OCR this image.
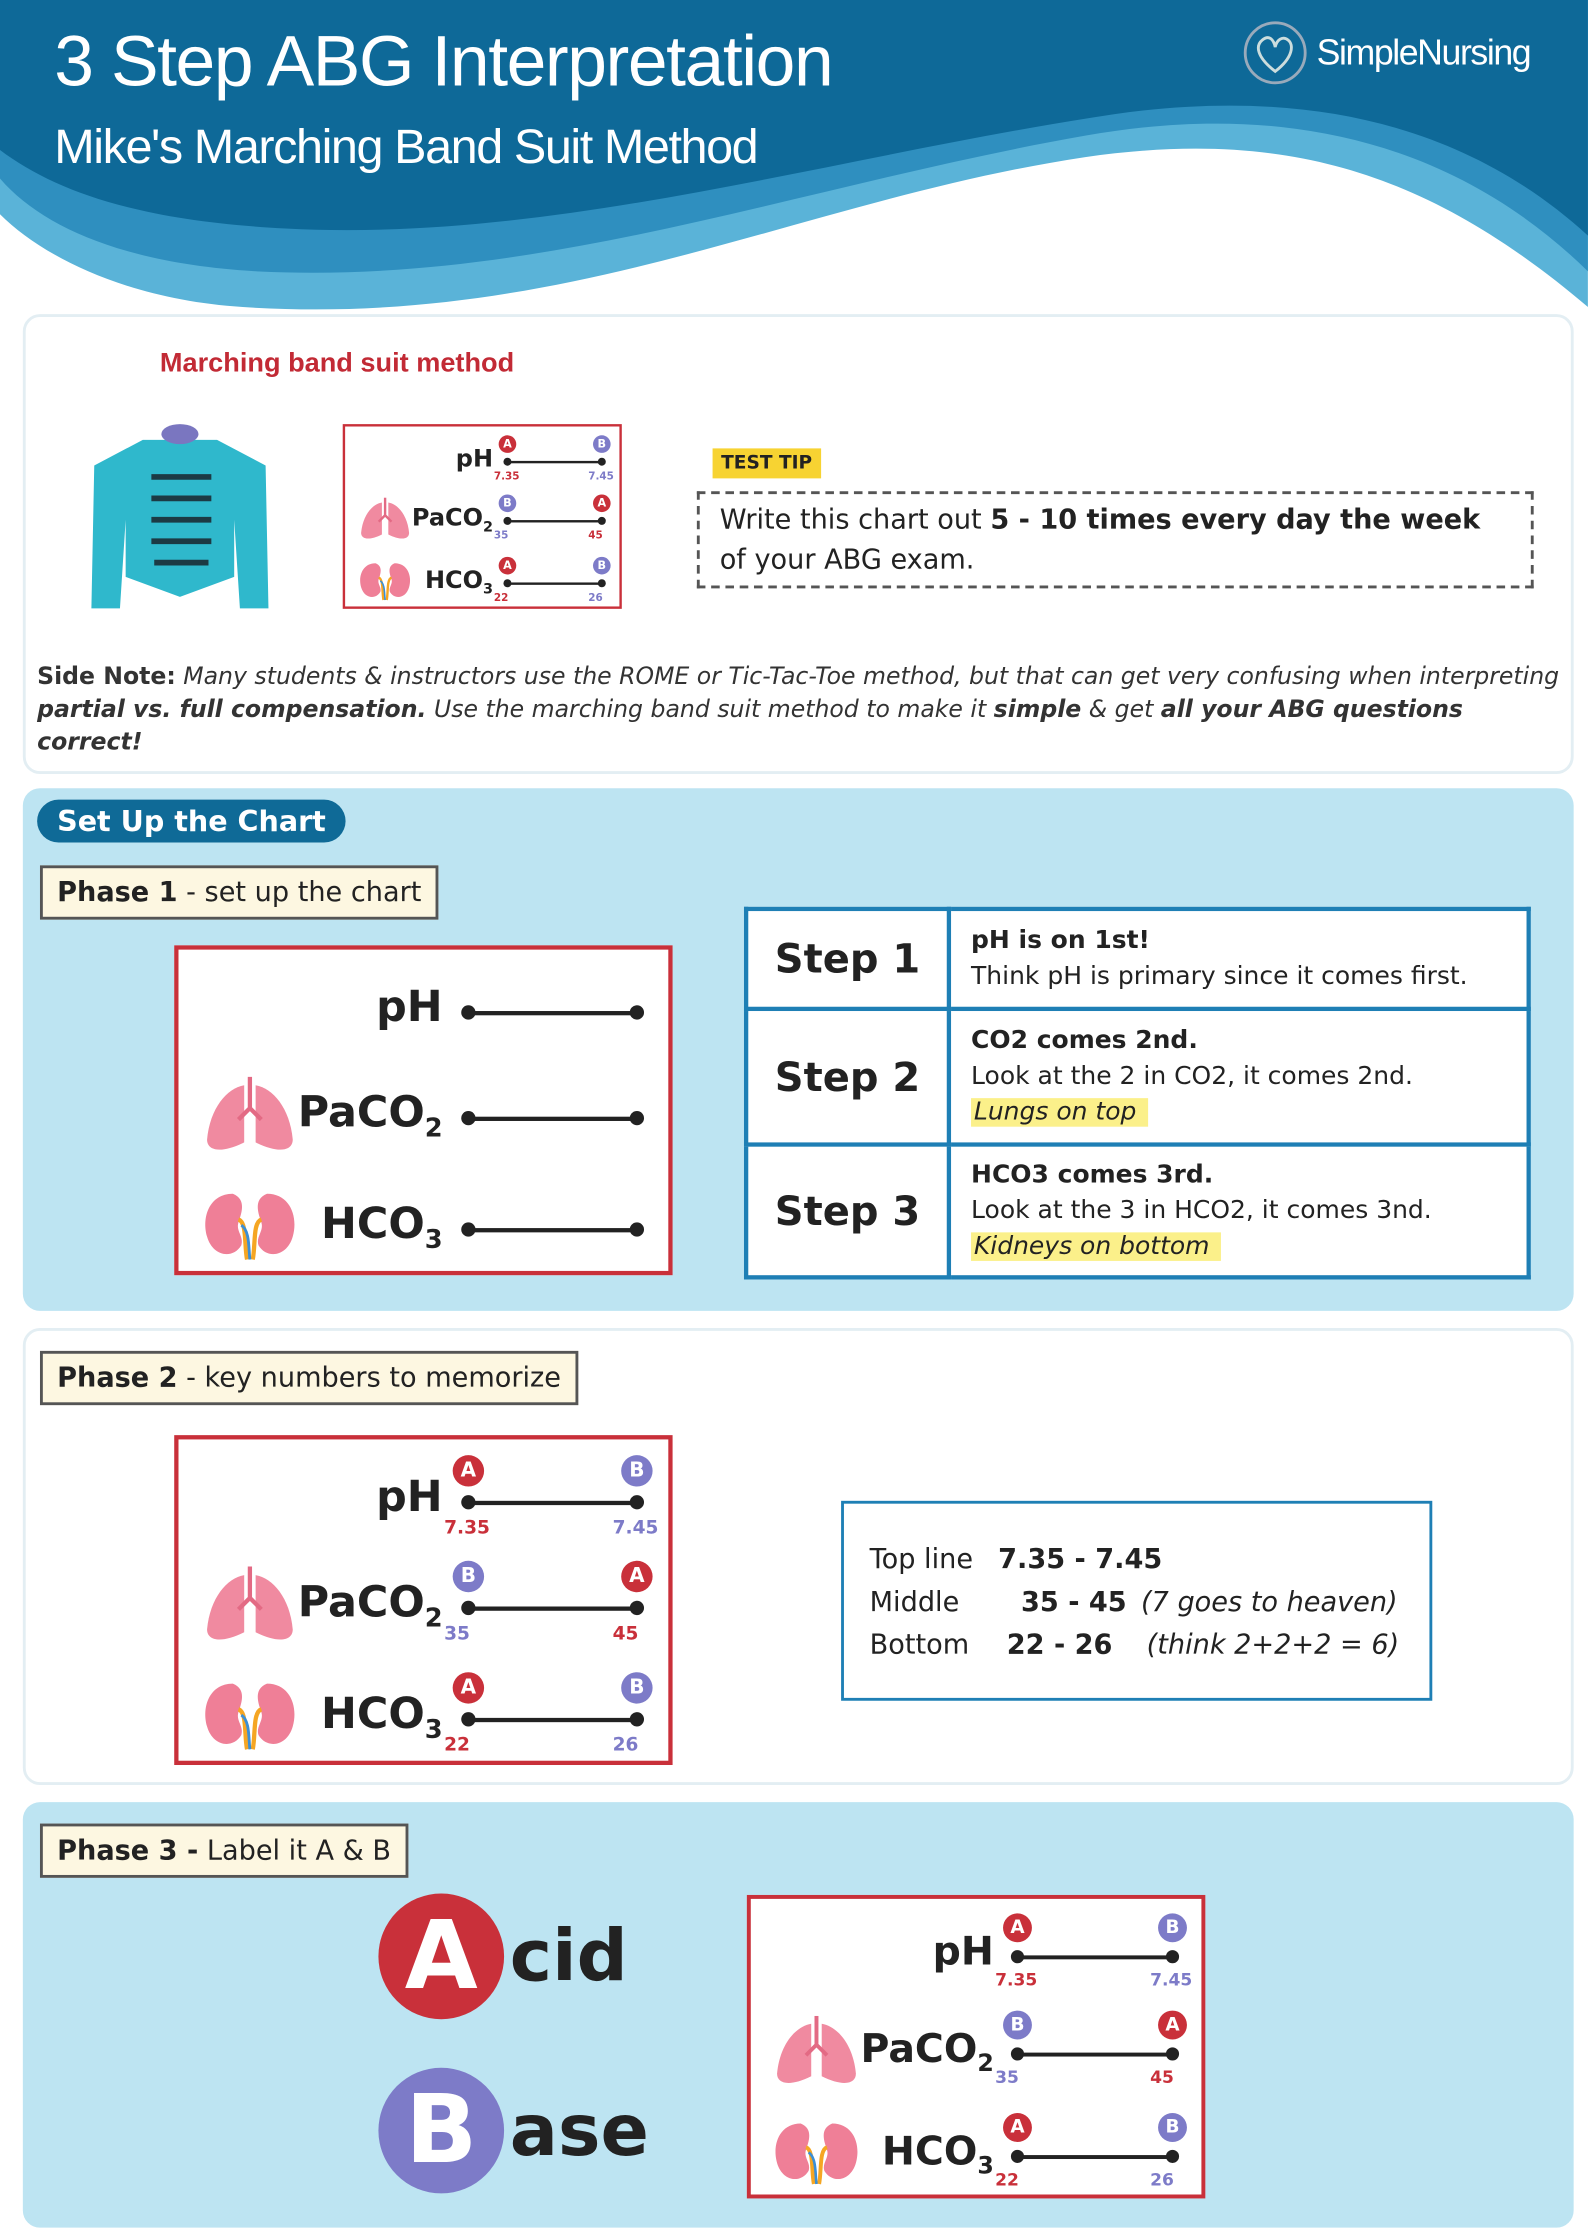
3 Step ABG Interpretation
Mike's Marching Band Suit Method
SimpleNursing
Marching band suit method
pH
A	B
7.35	7.45
PaCO$_2$
B	A
35	45
$HCO_3$
A	B
22	26
TEST TIP
Write this chart out 5 - 10 times every day the week of your ABG exam.
Side Note: Many students & instructors use the ROME or Tic-Tac-Toe method, but that can get very confusing when interpreting partial vs. full compensation. Use the marching band suit method to make it simple & get all your ABG questions correct!
Set Up the Chart
Phase 1 - set up the chart
pH
PaCO$_2$
$HCO_3$
Step 1	pH is on 1st!
Think pH is primary since it comes first.
Step 2	CO2 comes 2nd.
Look at the 2 in CO2, it comes 2nd.
Lungs on top
Step 3	HCO3 comes 3rd.
Look at the 3 in HCO2, it comes 3nd.
Kidneys on bottom
Phase 2 - key numbers to memorize
pH
A	B
7.35	7.45
PaCO$_2$
B	A
35	45
$HCO_3$
A	B
22	26
Top line 7.35 - 7.45
Middle	35 - 45 (7 goes to heaven)
Bottom 22 - 26 (think 2+2+2 = 6)
Phase 3 - Label it A & B
A cid
B ase
pH
A	B
7.35	7.45
PaCO$_2$
B	A
35	45
$HCO_3$
A	B
22	26
